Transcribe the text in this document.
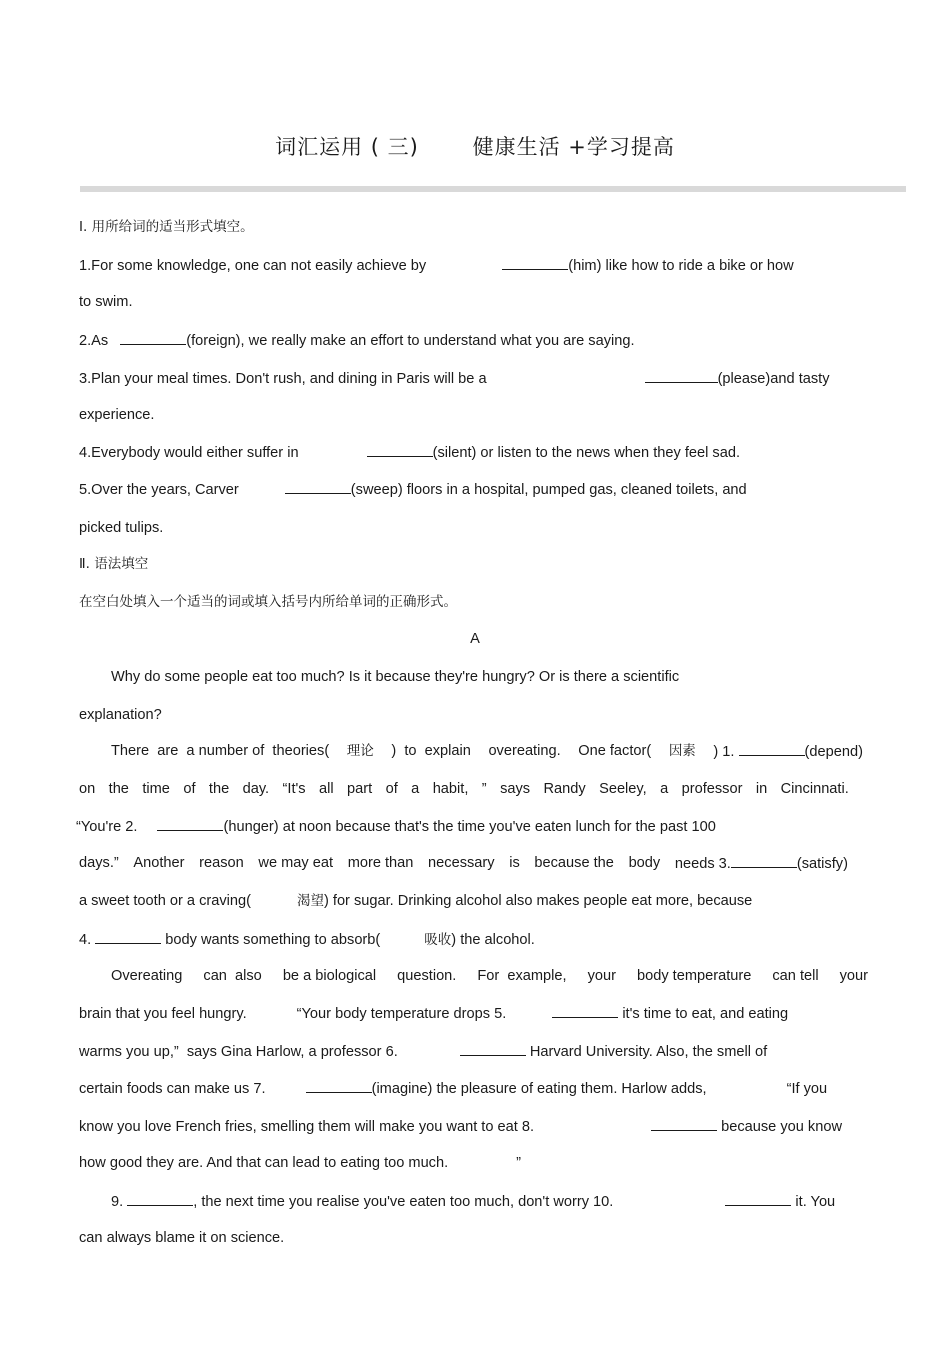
词汇运用 ( 三)       健康生活 +学习提高
Ⅰ. 用所给词的适当形式填空。
1.For some knowledge, one can not easily achieve by	(him) like how to ride a bike or how
to swim.
2.As	(foreign), we really make an effort to understand what you are saying.
3.Plan your meal times. Don't rush, and dining in Paris will be a	(please)and tasty
experience.
4.Everybody would either suffer in	(silent) or listen to the news when they feel sad.
5.Over the years, Carver	(sweep) floors in a hospital, pumped gas, cleaned toilets, and
picked tulips.
Ⅱ. 语法填空
在空白处填入一个适当的词或填入括号内所给单词的正确形式。
A
Why do some people eat too much? Is it because they're hungry? Or is there a scientific
explanation?
There  are  a number of  theories( 理论 )  to  explain overeating. One factor( 因素 ) 1.	(depend)
on the time of the day. “It's all part of a habit, ” says Randy Seeley, a professor in Cincinnati.
“You're 2.	(hunger) at noon because that's the time you've eaten lunch for the past 100
days.” Another reason we may eat more than necessary is because the body needs 3.	(satisfy)
a sweet tooth or a craving(	渴望) for sugar. Drinking alcohol also makes people eat more, because
4.	body wants something to absorb(	吸收) the alcohol.
Overeating can  also be a biological question. For  example, your body temperature can tell your
brain that you feel hungry.	“Your body temperature drops 5.	it's time to eat, and eating
warms you up,”  says Gina Harlow, a professor 6.	Harvard University. Also, the smell of
certain foods can make us 7.	(imagine) the pleasure of eating them. Harlow adds,	“If you
know you love French fries, smelling them will make you want to eat 8.	because you know
how good they are. And that can lead to eating too much.	”
9.	, the next time you realise you've eaten too much, don't worry 10.	it. You
can always blame it on science.
